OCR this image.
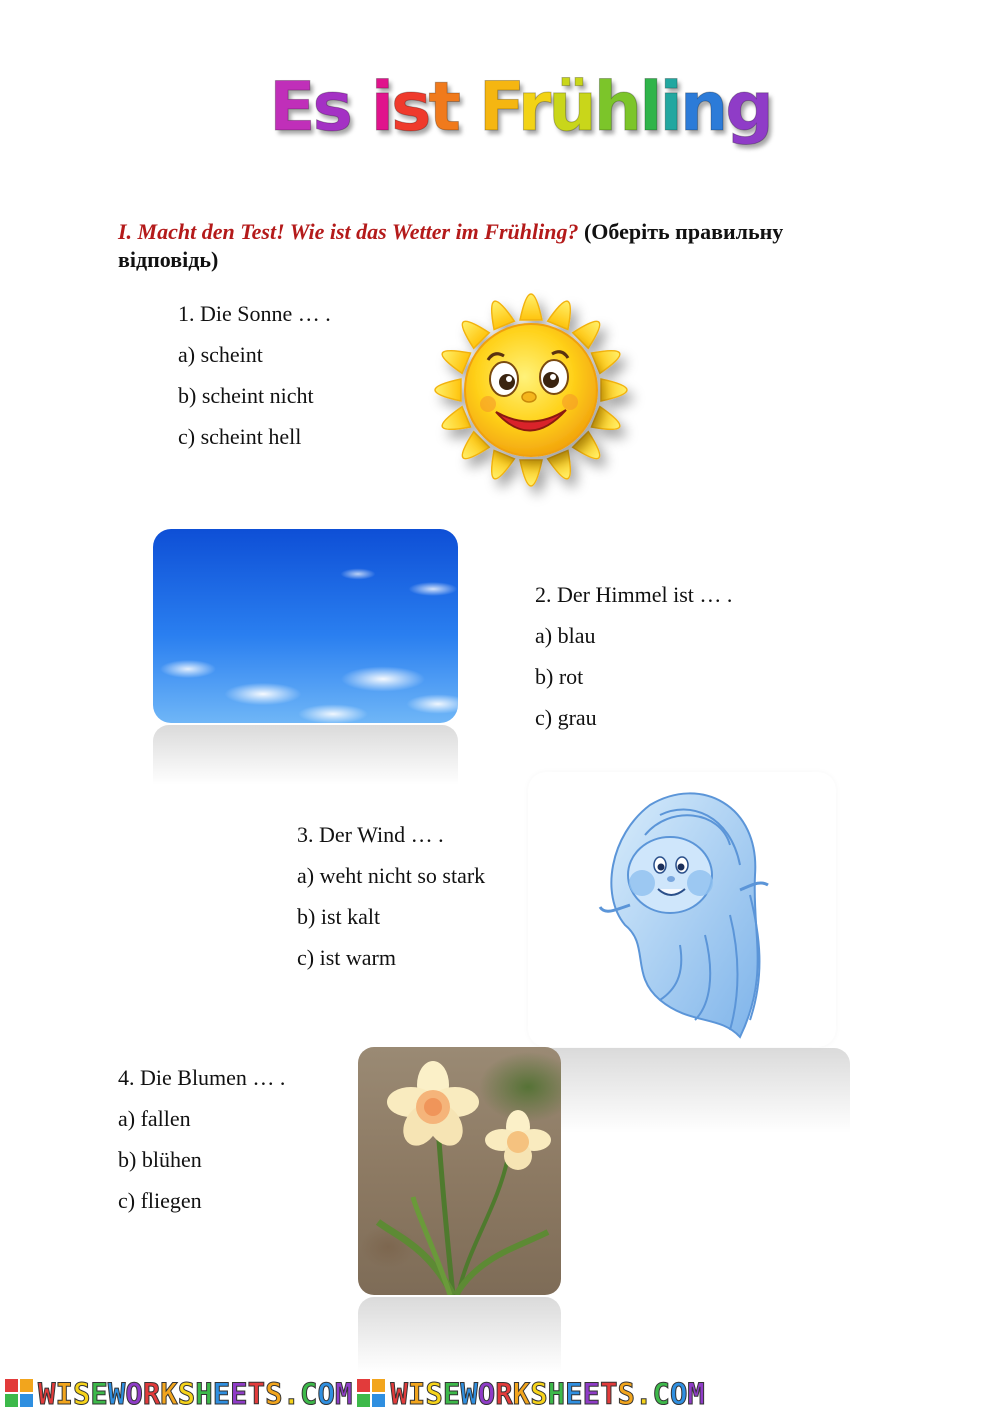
Es ist Frühling
I. Macht den Test! Wie ist das Wetter im Frühling? (Оберіть правильну відповідь)
1. Die Sonne … .
a) scheint
b) scheint nicht
c) scheint hell
2. Der Himmel ist … .
a) blau
b) rot
c) grau
3. Der Wind … .
a) weht nicht so stark
b) ist kalt
c) ist warm
4. Die Blumen … .
a) fallen
b) blühen
c) fliegen
WISEWORKSHEETS.COM WISEWORKSHEETS.COM
